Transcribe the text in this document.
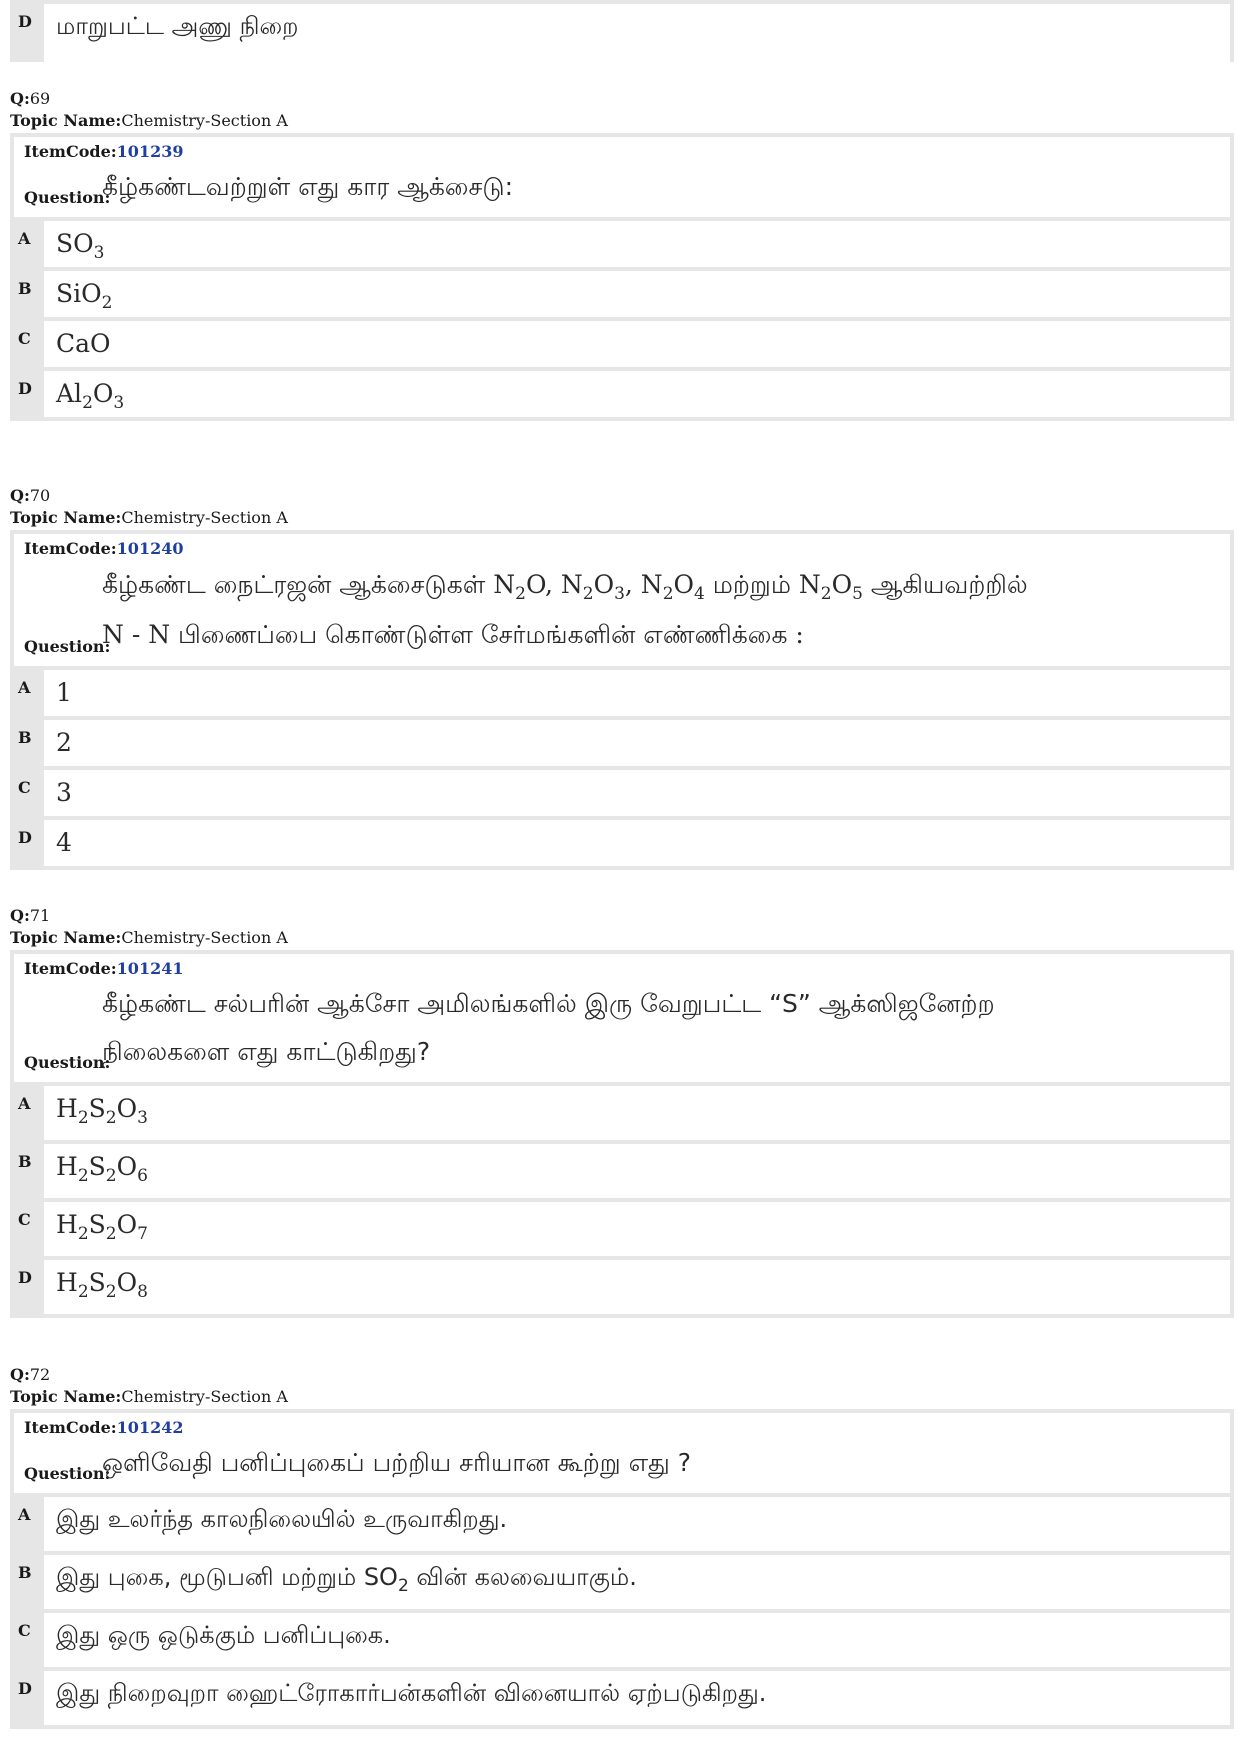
D	மாறுபட்ட அணு நிறை
Q:69
Topic Name:Chemistry-Section A
ItemCode:101239
Question:
கீழ்கண்டவற்றுள் எது கார ஆக்சைடு:
A	$SO_3$
B SiO$_2$
C	CaO
D $Al_2O_3$
Q:70
Topic Name:Chemistry-Section A
ItemCode:101240
Question:
கீழ்கண்ட நைட்ரஜன் ஆக்சைடுகள் $N_2O$, $N_2O_3$, $N_2O_4$ மற்றும் $N_2O_5$ ஆகியவற்றில்
N - N பிணைப்பை கொண்டுள்ள சேர்மங்களின் எண்ணிக்கை :
A	1
B 2
C	3
D 4
Q:71
Topic Name:Chemistry-Section A
ItemCode:101241
Question:
கீழ்கண்ட சல்பரின் ஆக்சோ அமிலங்களில் இரு வேறுபட்ட “S” ஆக்ஸிஜனேற்ற
நிலைகளை எது காட்டுகிறது?
A	$H_2S_2O_3$
B $H_2S_2O_6$
C	$H_2S_2O_7$
D $H_2S_2O_8$
Q:72
Topic Name:Chemistry-Section A
ItemCode:101242
Question:
ஒளிவேதி பனிப்புகைப் பற்றிய சரியான கூற்று எது ?
A	இது உலர்ந்த காலநிலையில் உருவாகிறது.
B	இது புகை, மூடுபனி மற்றும் $SO_2$ வின் கலவையாகும்.
C	இது ஒரு ஒடுக்கும் பனிப்புகை.
D	இது நிறைவுறா ஹைட்ரோகார்பன்களின் வினையால் ஏற்படுகிறது.
